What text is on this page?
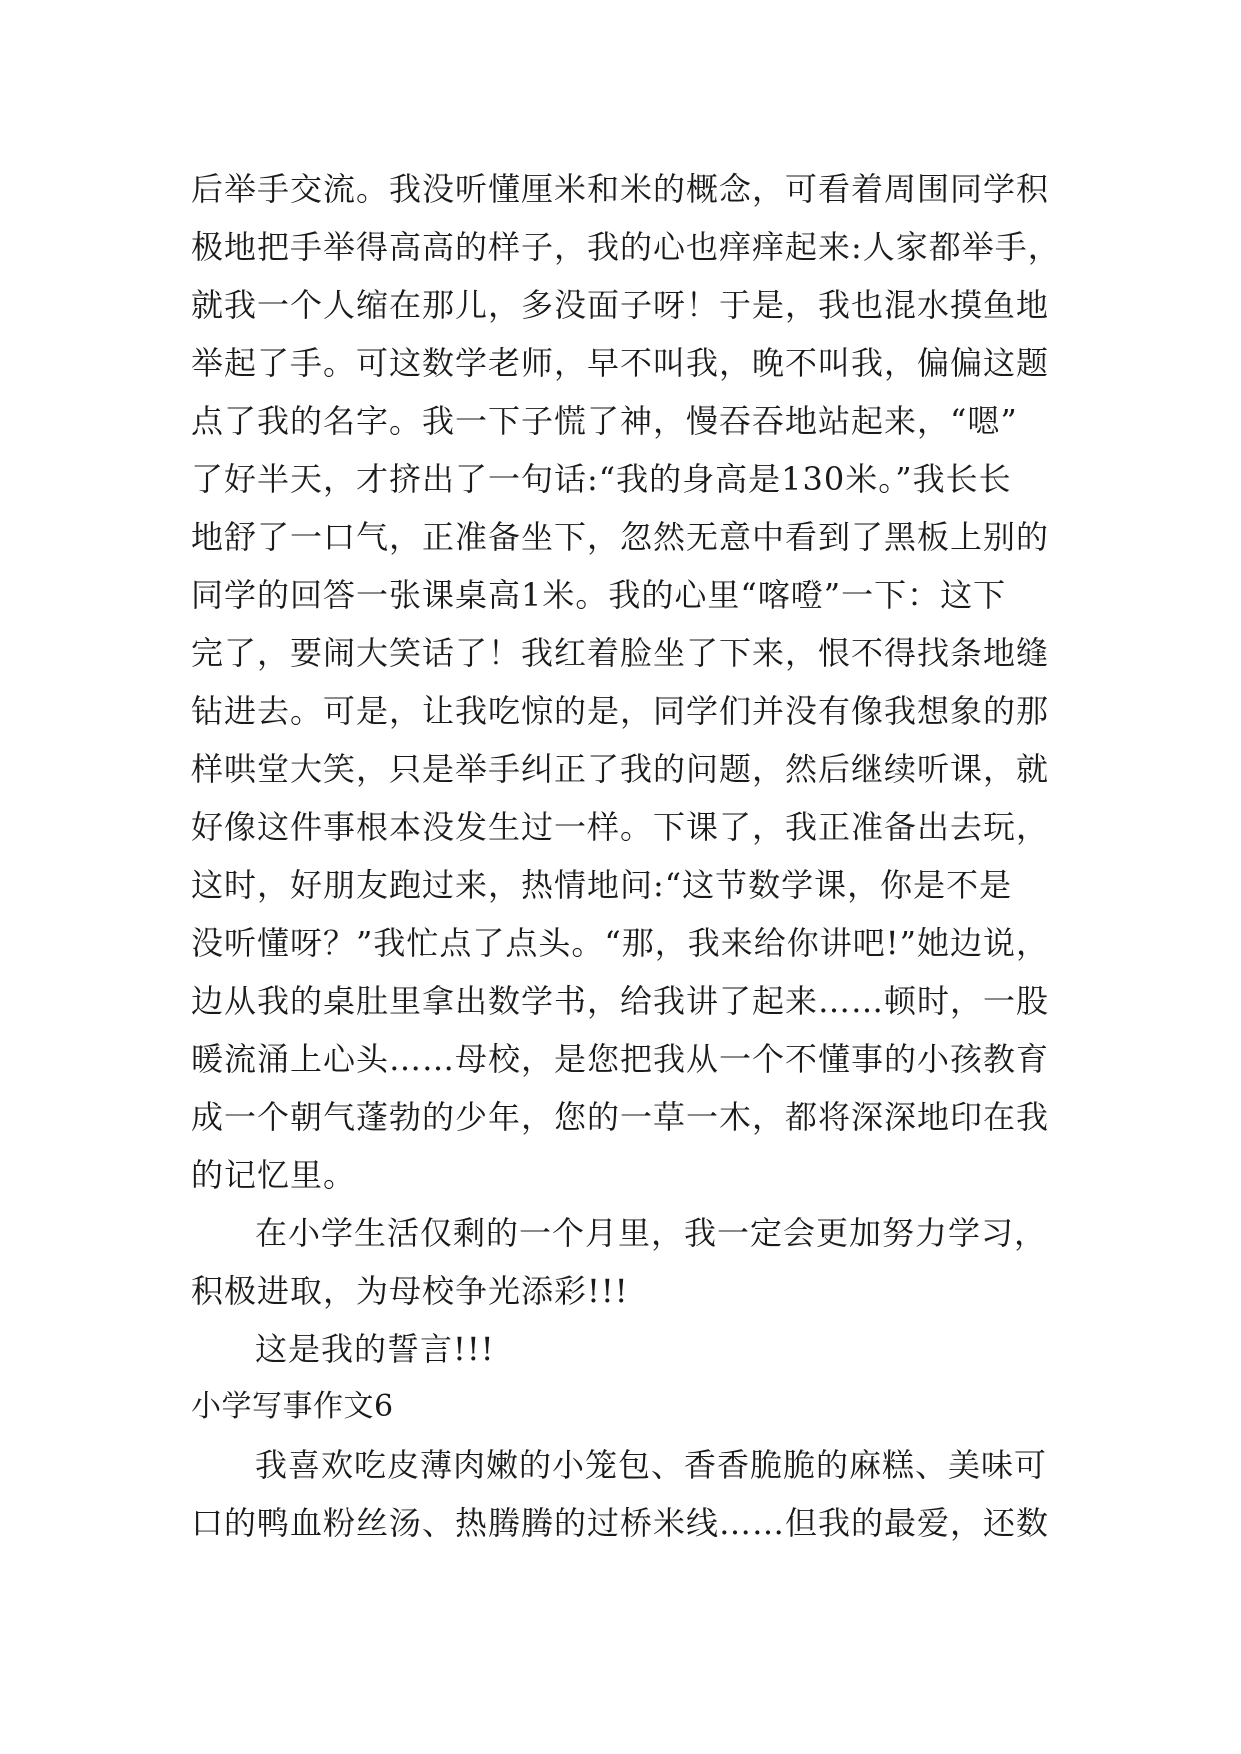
后举手交流。我没听懂厘米和米的概念，可看着周围同学积
极地把手举得高高的样子，我的心也痒痒起来:人家都举手，
就我一个人缩在那儿，多没面子呀！于是，我也混水摸鱼地
举起了手。可这数学老师，早不叫我，晚不叫我，偏偏这题
点了我的名字。我一下子慌了神，慢吞吞地站起来，“嗯”
了好半天，才挤出了一句话:“我的身高是130米。”我长长
地舒了一口气，正准备坐下，忽然无意中看到了黑板上别的
同学的回答一张课桌高1米。我的心里“喀噔”一下：这下
完了，要闹大笑话了！我红着脸坐了下来，恨不得找条地缝
钻进去。可是，让我吃惊的是，同学们并没有像我想象的那
样哄堂大笑，只是举手纠正了我的问题，然后继续听课，就
好像这件事根本没发生过一样。下课了，我正准备出去玩，
这时，好朋友跑过来，热情地问:“这节数学课，你是不是
没听懂呀？”我忙点了点头。“那，我来给你讲吧!”她边说，
边从我的桌肚里拿出数学书，给我讲了起来……顿时，一股
暖流涌上心头……母校，是您把我从一个不懂事的小孩教育
成一个朝气蓬勃的少年，您的一草一木，都将深深地印在我
的记忆里。
在小学生活仅剩的一个月里，我一定会更加努力学习，
积极进取，为母校争光添彩!!!
这是我的誓言!!!
小学写事作文6
我喜欢吃皮薄肉嫩的小笼包、香香脆脆的麻糕、美味可
口的鸭血粉丝汤、热腾腾的过桥米线……但我的最爱，还数
